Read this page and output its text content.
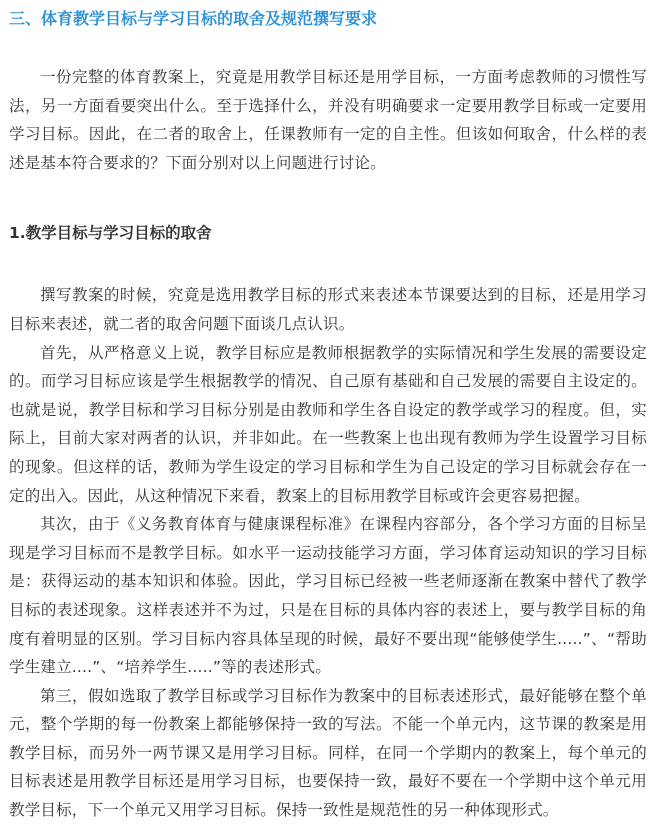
三、体育教学目标与学习目标的取舍及规范撰写要求

一份完整的体育教案上，究竟是用教学目标还是用学目标，一方面考虑教师的习惯性写法，另一方面看要突出什么。至于选择什么，并没有明确要求一定要用教学目标或一定要用学习目标。因此，在二者的取舍上，任课教师有一定的自主性。但该如何取舍，什么样的表述是基本符合要求的？下面分别对以上问题进行讨论。

1.教学目标与学习目标的取舍

撰写教案的时候，究竟是选用教学目标的形式来表述本节课要达到的目标，还是用学习目标来表述，就二者的取舍问题下面谈几点认识。

首先，从严格意义上说，教学目标应是教师根据教学的实际情况和学生发展的需要设定的。而学习目标应该是学生根据教学的情况、自己原有基础和自己发展的需要自主设定的。也就是说，教学目标和学习目标分别是由教师和学生各自设定的教学或学习的程度。但，实际上，目前大家对两者的认识，并非如此。在一些教案上也出现有教师为学生设置学习目标的现象。但这样的话，教师为学生设定的学习目标和学生为自己设定的学习目标就会存在一定的出入。因此，从这种情况下来看，教案上的目标用教学目标或许会更容易把握。

其次，由于《义务教育体育与健康课程标准》在课程内容部分，各个学习方面的目标呈现是学习目标而不是教学目标。如水平一运动技能学习方面，学习体育运动知识的学习目标是：获得运动的基本知识和体验。因此，学习目标已经被一些老师逐渐在教案中替代了教学目标的表述现象。这样表述并不为过，只是在目标的具体内容的表述上，要与教学目标的角度有着明显的区别。学习目标内容具体呈现的时候，最好不要出现“能够使学生.....”、“帮助学生建立....”、“培养学生.....”等的表述形式。

第三，假如选取了教学目标或学习目标作为教案中的目标表述形式，最好能够在整个单元，整个学期的每一份教案上都能够保持一致的写法。不能一个单元内，这节课的教案是用教学目标，而另外一两节课又是用学习目标。同样，在同一个学期内的教案上，每个单元的目标表述是用教学目标还是用学习目标，也要保持一致，最好不要在一个学期中这个单元用教学目标，下一个单元又用学习目标。保持一致性是规范性的另一种体现形式。
